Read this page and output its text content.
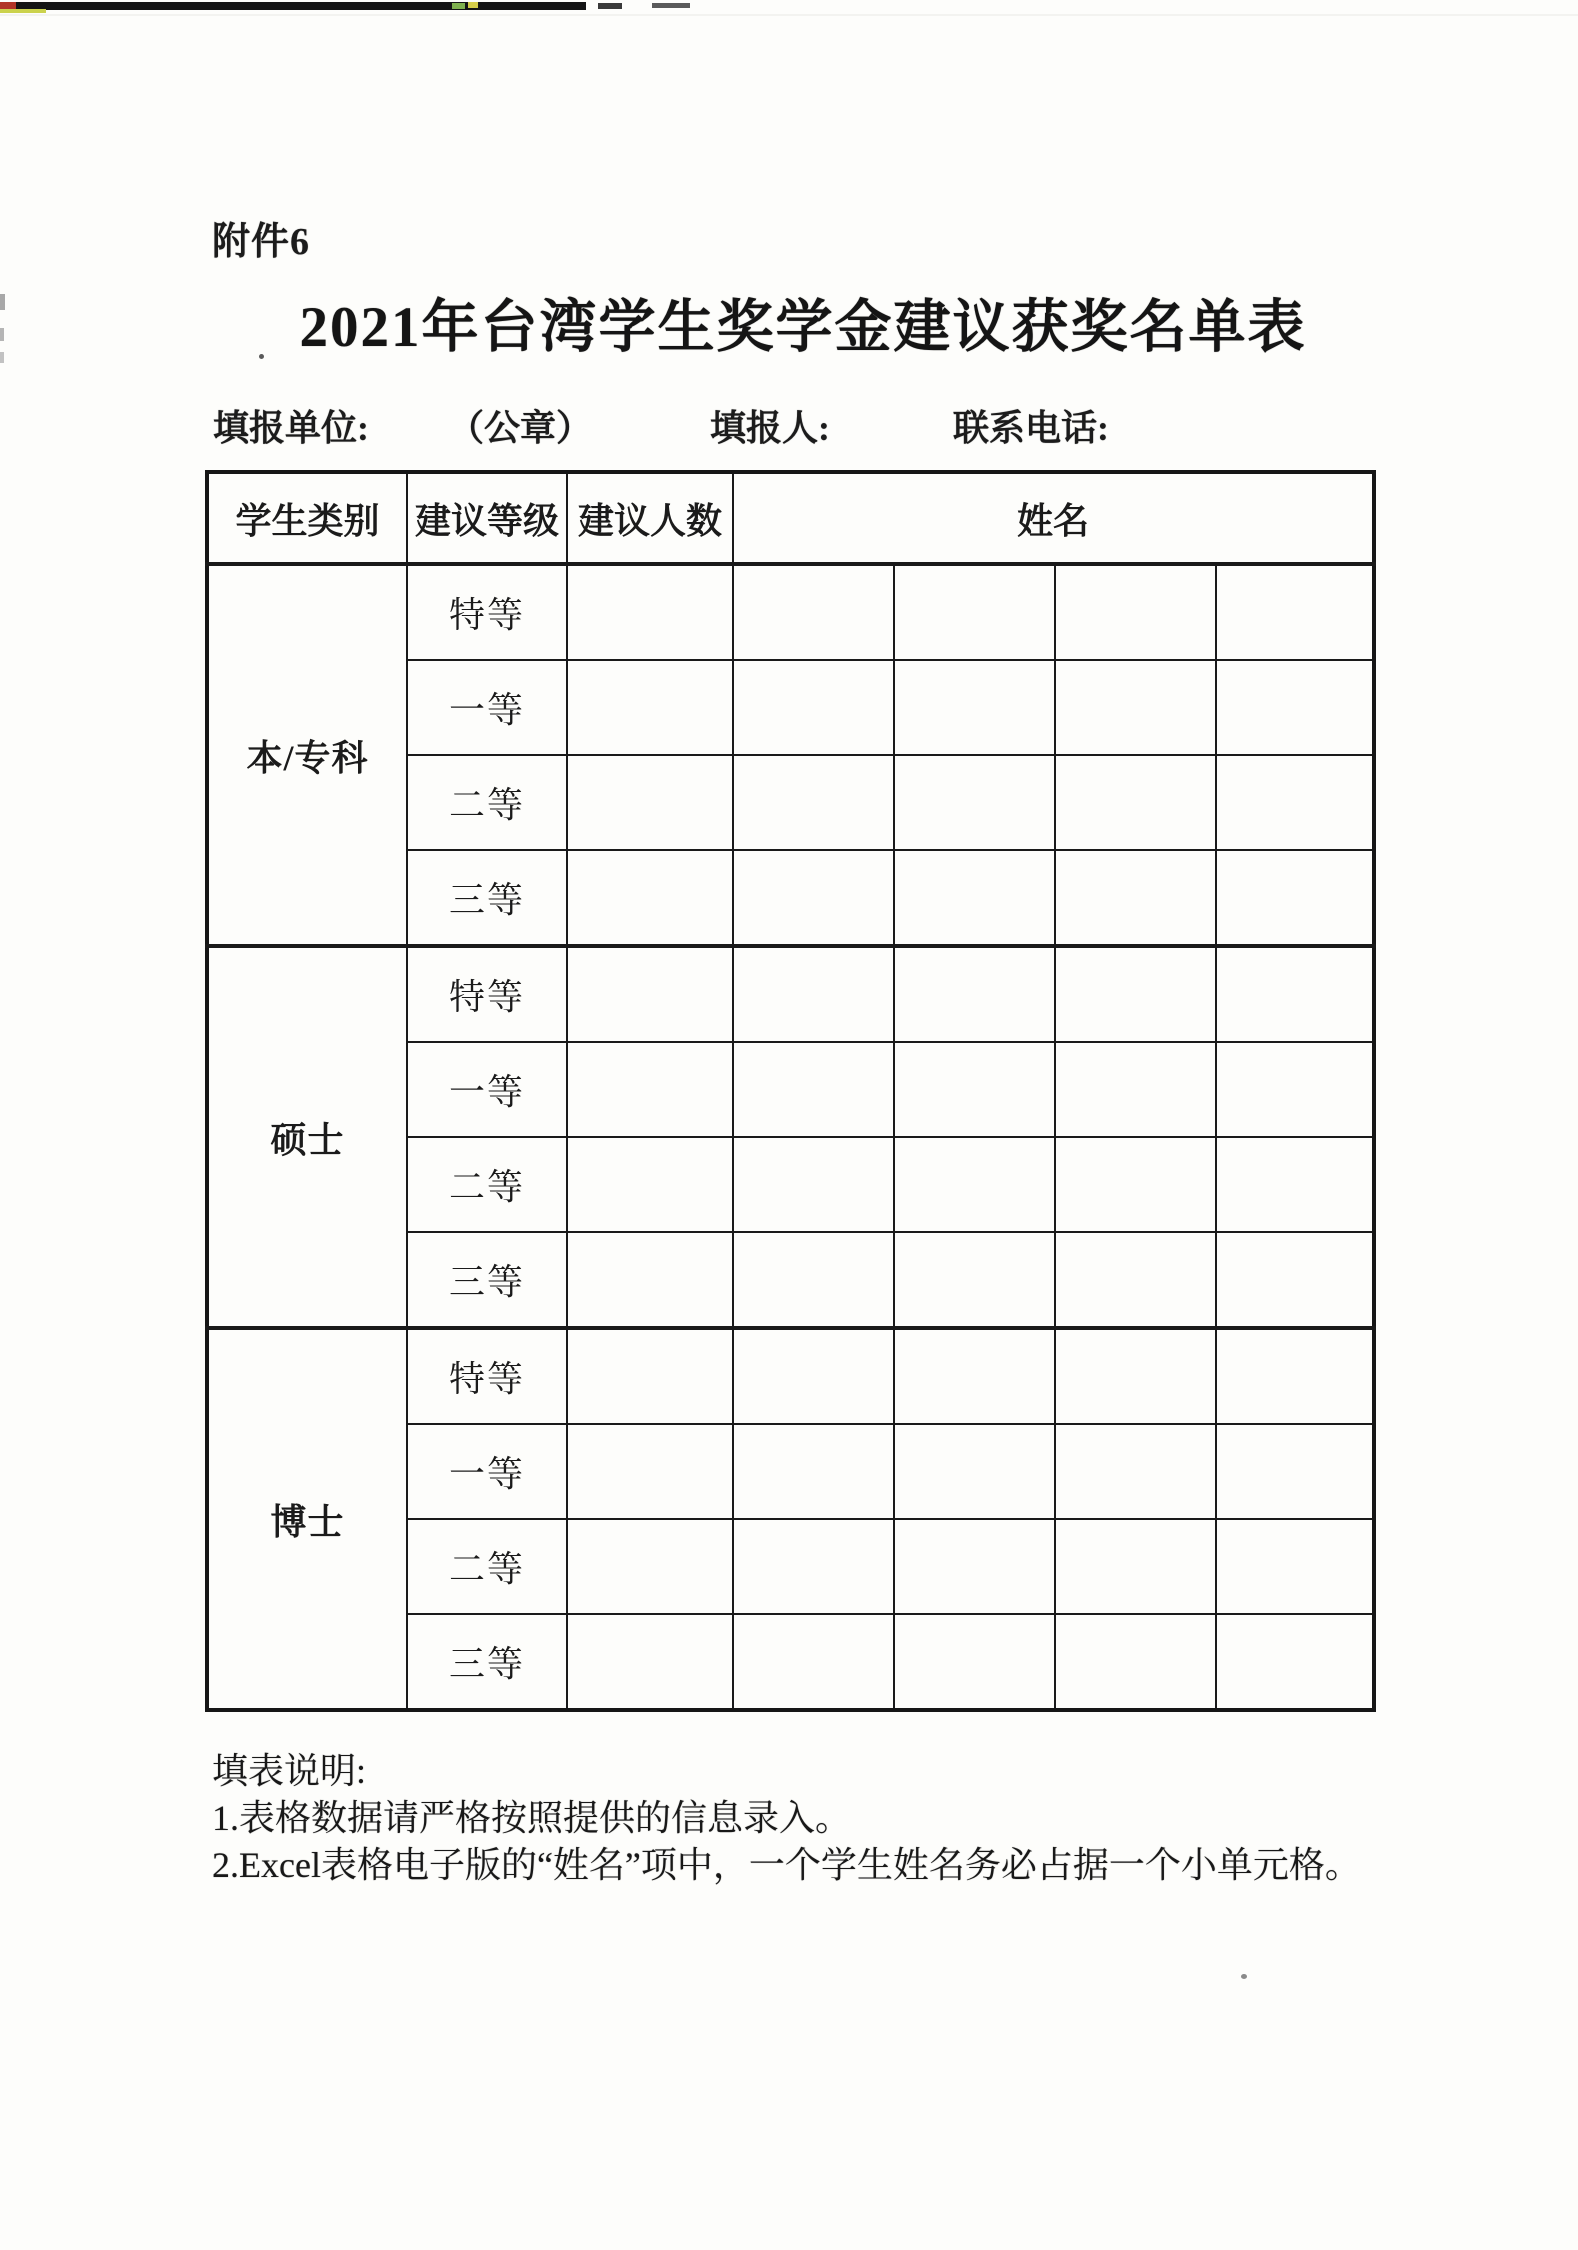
附件6
2021年台湾学生奖学金建议获奖名单表
填报单位: （公章）	填报人:	联系电话:
学生类别	建议等级	建议人数	姓名			
本/专科	特等					
	一等					
	二等					
	三等					
硕士	特等					
	一等					
	二等					
	三等					
博士	特等					
	一等					
	二等					
	三等					
填表说明:
1.表格数据请严格按照提供的信息录入。
2.Excel表格电子版的“姓名”项中，一个学生姓名务必占据一个小单元格。
